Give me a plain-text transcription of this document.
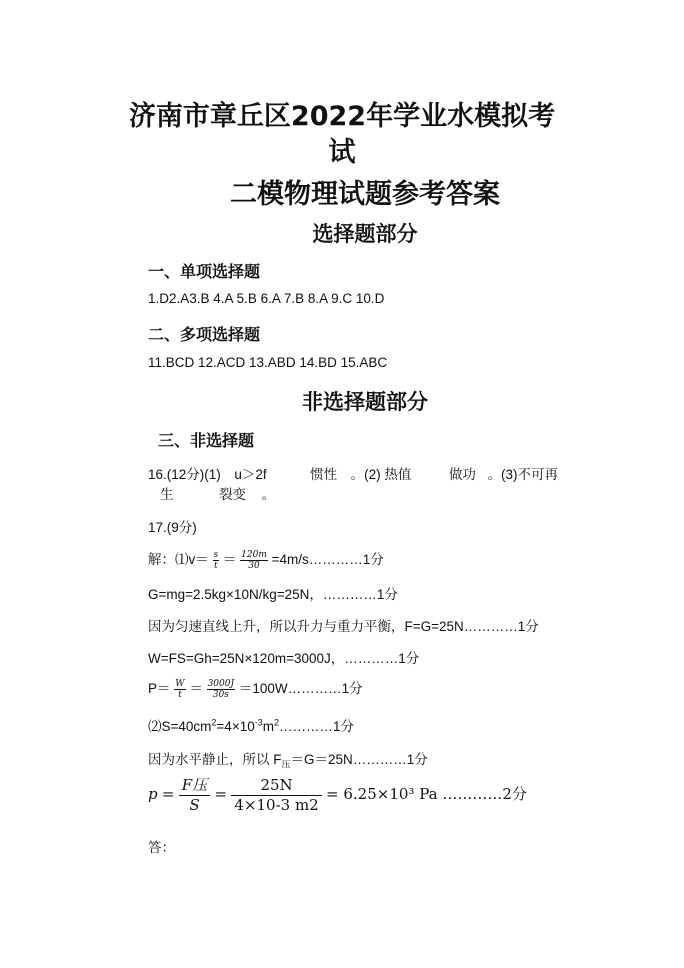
济南市章丘区2022年学业水模拟考
试
二模物理试题参考答案
选择题部分
一、单项选择题
1.D2.A3.B 4.A 5.B 6.A 7.B 8.A 9.C 10.D
二、多项选择题
11.BCD 12.ACD 13.ABD 14.BD 15.ABC
非选择题部分
三、非选择题
16.(12分)(1) u＞2f	惯性 。(2) 热值	做功 。(3)不可再
生	裂变 。
17.(9分)
解：⑴v＝ $\frac{s}{t} = \frac{120m}{30}$ =4m/s…………1分
G=mg=2.5kg×10N/kg=25N，…………1分
因为匀速直线上升，所以升力与重力平衡，F=G=25N…………1分
W=FS=Gh=25N×120m=3000J，…………1分
$P= \frac{W}{t} = \frac{3000J}{30s}$ ＝100W…………1分
$⑵S=40cm^2=4\times 10^{-3}m^2\dots\dots\dots\dots 1$分
因为水平静止，所以 $F_压=G=25N\dots\dots\dots\dots 1$分
p = F压
S
= $\frac{25N}{4\times 10-3 m2} = 6.25\times 10^3$ Pa …………2分
答：
